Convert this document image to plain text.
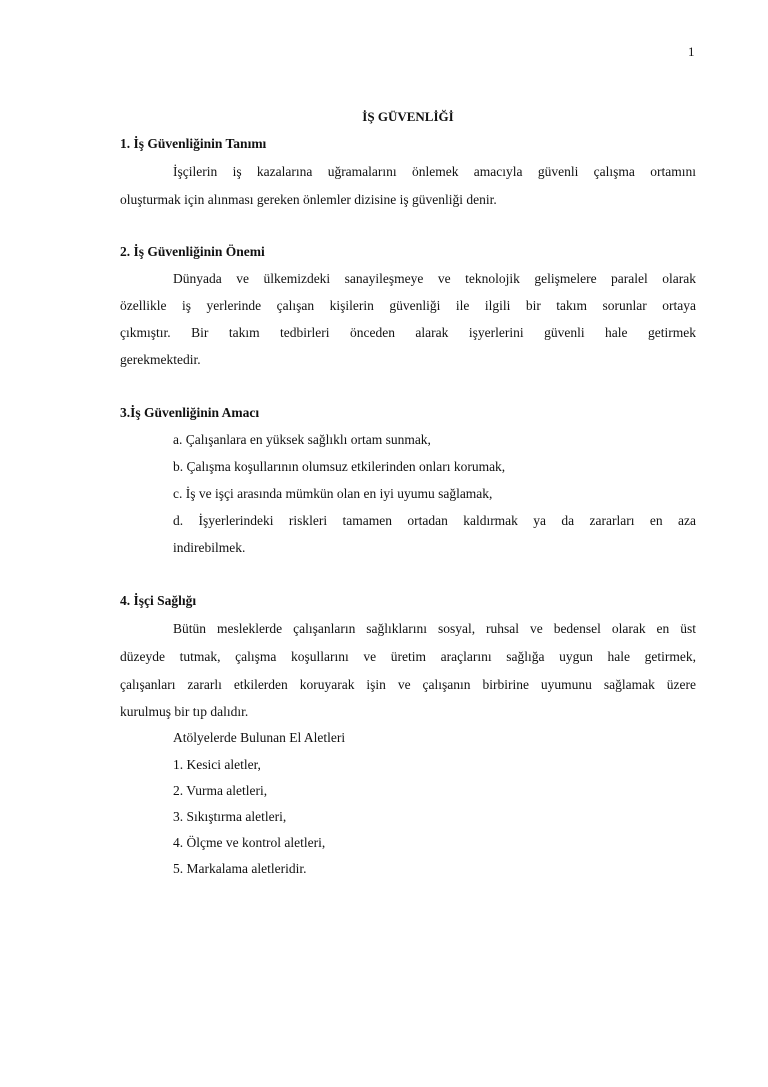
1
İŞ GÜVENLİĞİ
1. İş Güvenliğinin Tanımı
İşçilerin iş kazalarına uğramalarını önlemek amacıyla güvenli çalışma ortamını
oluşturmak için alınması gereken önlemler dizisine iş güvenliği denir.
2. İş Güvenliğinin Önemi
Dünyada ve ülkemizdeki sanayileşmeye ve teknolojik gelişmelere paralel olarak
özellikle iş yerlerinde çalışan kişilerin güvenliği ile ilgili bir takım sorunlar ortaya
çıkmıştır. Bir takım tedbirleri önceden alarak işyerlerini güvenli hale getirmek
gerekmektedir.
3.İş Güvenliğinin Amacı
a. Çalışanlara en yüksek sağlıklı ortam sunmak,
b. Çalışma koşullarının olumsuz etkilerinden onları korumak,
c. İş ve işçi arasında mümkün olan en iyi uyumu sağlamak,
d. İşyerlerindeki riskleri tamamen ortadan kaldırmak ya da zararları en aza
indirebilmek.
4. İşçi Sağlığı
Bütün mesleklerde çalışanların sağlıklarını sosyal, ruhsal ve bedensel olarak en üst
düzeyde tutmak, çalışma koşullarını ve üretim araçlarını sağlığa uygun hale getirmek,
çalışanları zararlı etkilerden koruyarak işin ve çalışanın birbirine uyumunu sağlamak üzere
kurulmuş bir tıp dalıdır.
Atölyelerde Bulunan El Aletleri
1. Kesici aletler,
2. Vurma aletleri,
3. Sıkıştırma aletleri,
4. Ölçme ve kontrol aletleri,
5. Markalama aletleridir.
